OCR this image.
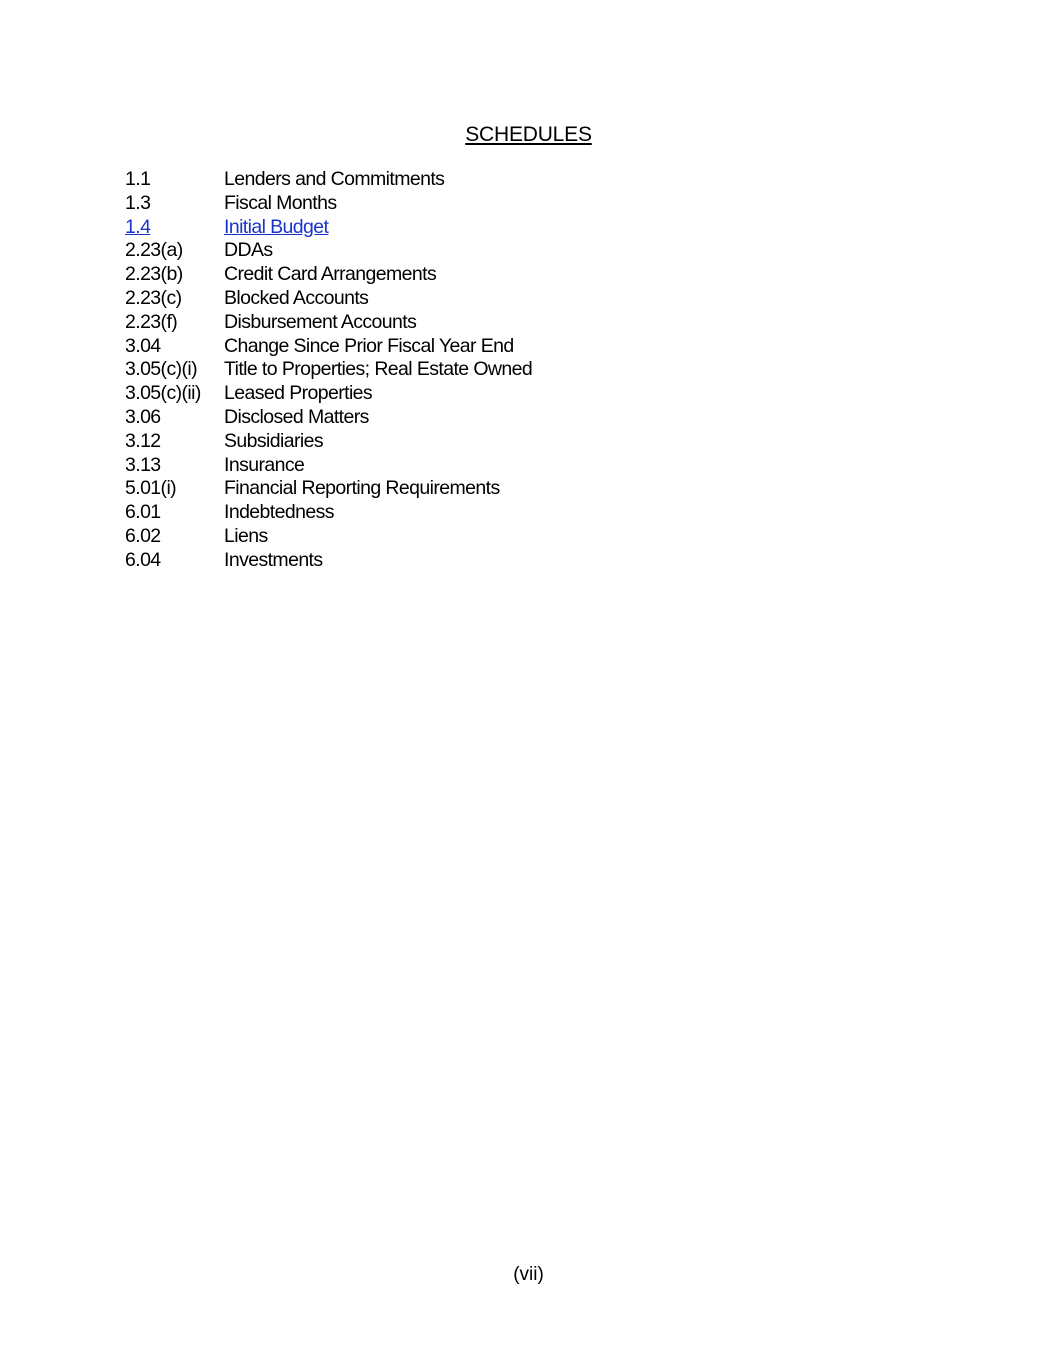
SCHEDULES
1.1	Lenders and Commitments
1.3	Fiscal Months
1.4	Initial Budget
2.23(a) DDAs
2.23(b) Credit Card Arrangements
2.23(c) Blocked Accounts
2.23(f) Disbursement Accounts
3.04	Change Since Prior Fiscal Year End
3.05(c)(i) Title to Properties; Real Estate Owned
3.05(c)(ii) Leased Properties
3.06	Disclosed Matters
3.12	Subsidiaries
3.13	Insurance
5.01(i) Financial Reporting Requirements
6.01	Indebtedness
6.02	Liens
6.04	Investments
(vii)
